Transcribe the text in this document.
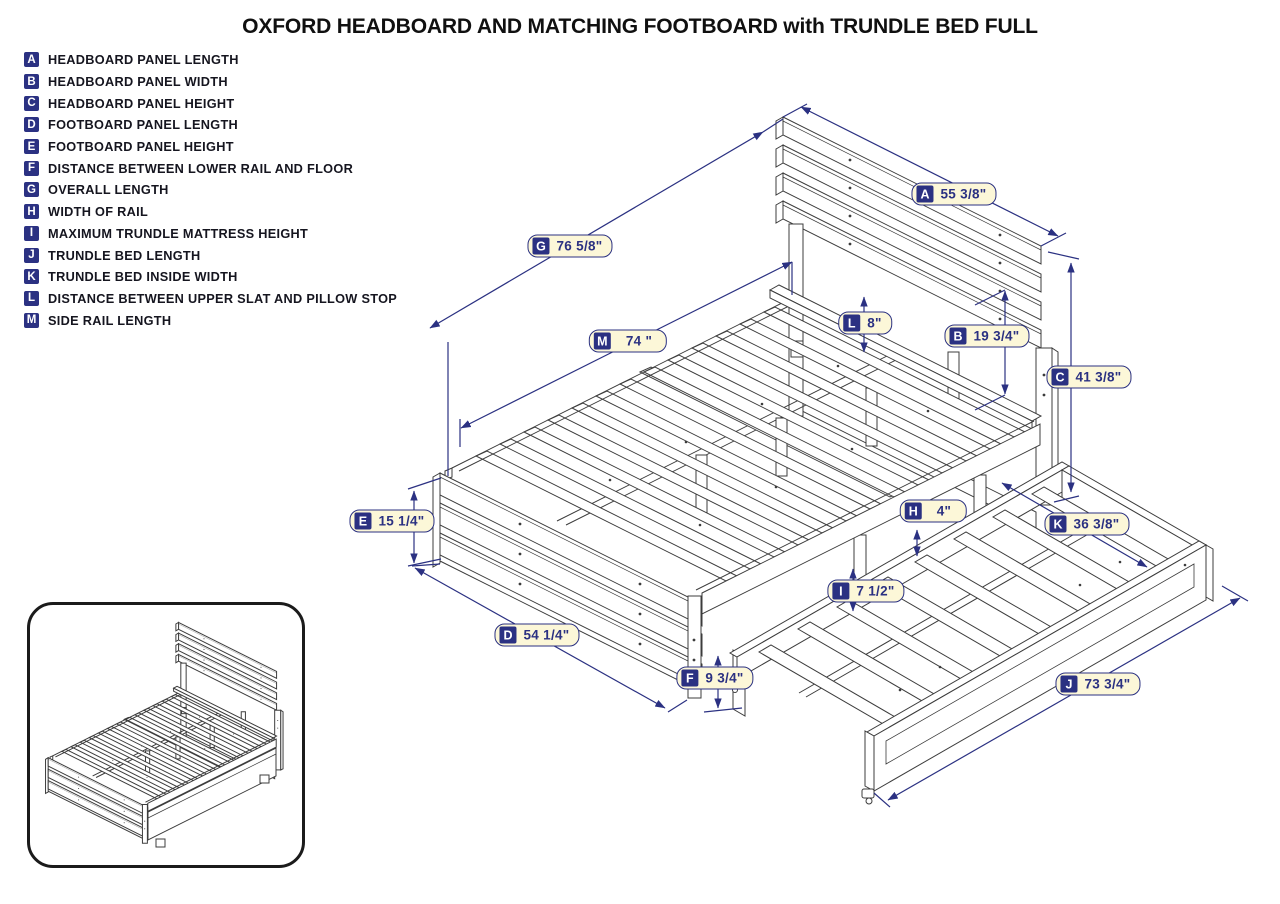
OXFORD HEADBOARD AND MATCHING FOOTBOARD with TRUNDLE BED FULL
A HEADBOARD PANEL LENGTH
B HEADBOARD PANEL WIDTH
C HEADBOARD PANEL HEIGHT
D FOOTBOARD PANEL LENGTH
E FOOTBOARD PANEL HEIGHT
F DISTANCE BETWEEN LOWER RAIL AND FLOOR
G OVERALL LENGTH
H WIDTH OF RAIL
I	MAXIMUM TRUNDLE MATTRESS HEIGHT
J	TRUNDLE BED LENGTH
K TRUNDLE BED INSIDE WIDTH
L DISTANCE BETWEEN UPPER SLAT AND PILLOW STOP
M SIDE RAIL LENGTH
A 55 3/8"
B 19 3/4"
C 41 3/8"
D 54 1/4"
E 15 1/4"
F 9 3/4"
G 76 5/8"
H 4"
I	7 1/2"
J 73 3/4"
K 36 3/8"
L 8"
M 74 "
